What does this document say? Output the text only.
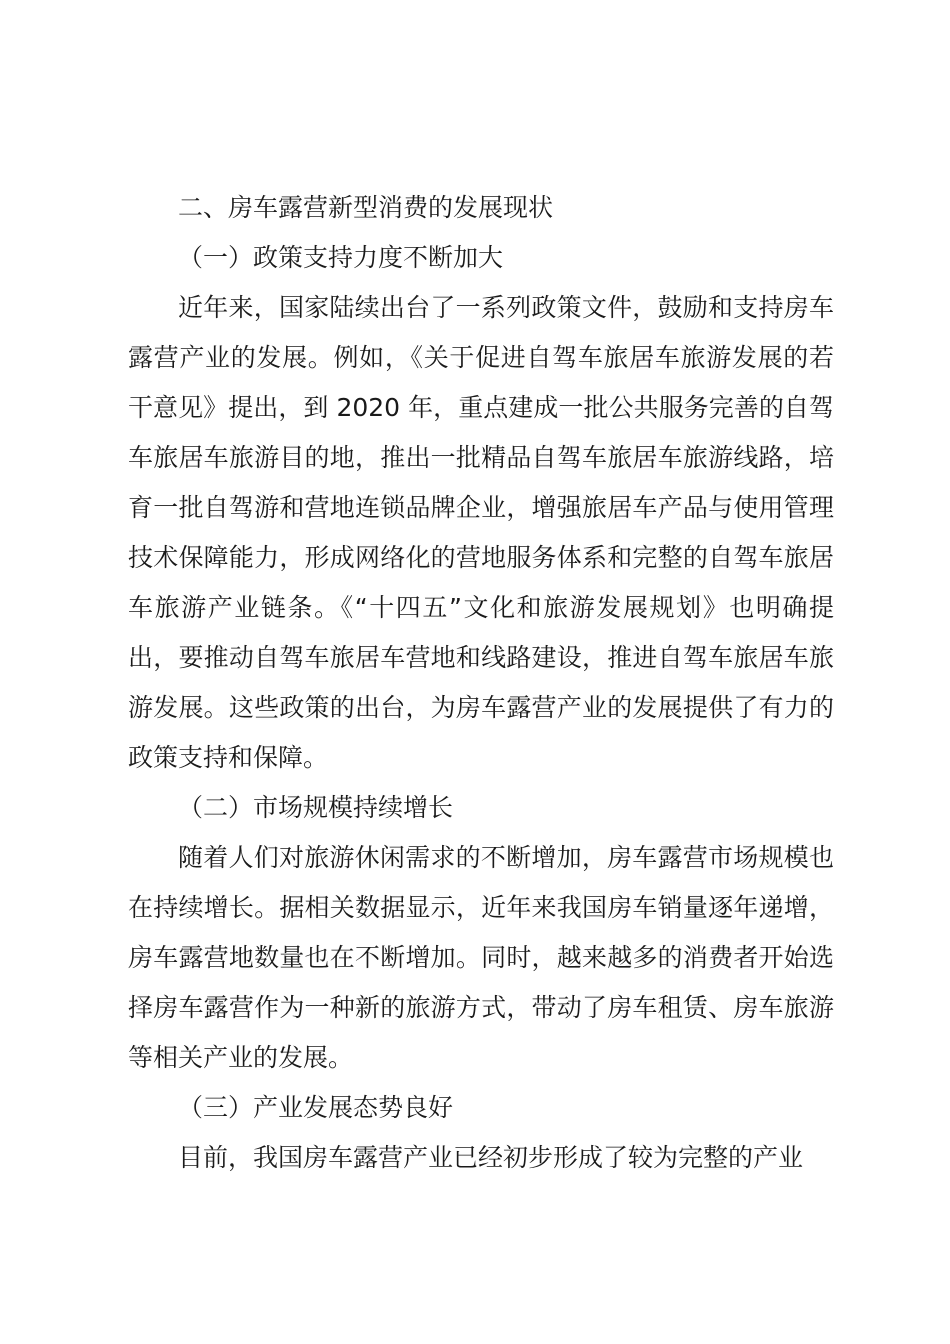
二、房车露营新型消费的发展现状

（一）政策支持力度不断加大

近年来，国家陆续出台了一系列政策文件，鼓励和支持房车露营产业的发展。例如，《关于促进自驾车旅居车旅游发展的若干意见》提出，到 2020 年，重点建成一批公共服务完善的自驾车旅居车旅游目的地，推出一批精品自驾车旅居车旅游线路，培育一批自驾游和营地连锁品牌企业，增强旅居车产品与使用管理技术保障能力，形成网络化的营地服务体系和完整的自驾车旅居车旅游产业链条。《“十四五”文化和旅游发展规划》也明确提出，要推动自驾车旅居车营地和线路建设，推进自驾车旅居车旅游发展。这些政策的出台，为房车露营产业的发展提供了有力的政策支持和保障。

（二）市场规模持续增长

随着人们对旅游休闲需求的不断增加，房车露营市场规模也在持续增长。据相关数据显示，近年来我国房车销量逐年递增，房车露营地数量也在不断增加。同时，越来越多的消费者开始选择房车露营作为一种新的旅游方式，带动了房车租赁、房车旅游等相关产业的发展。

（三）产业发展态势良好

目前，我国房车露营产业已经初步形成了较为完整的产业
